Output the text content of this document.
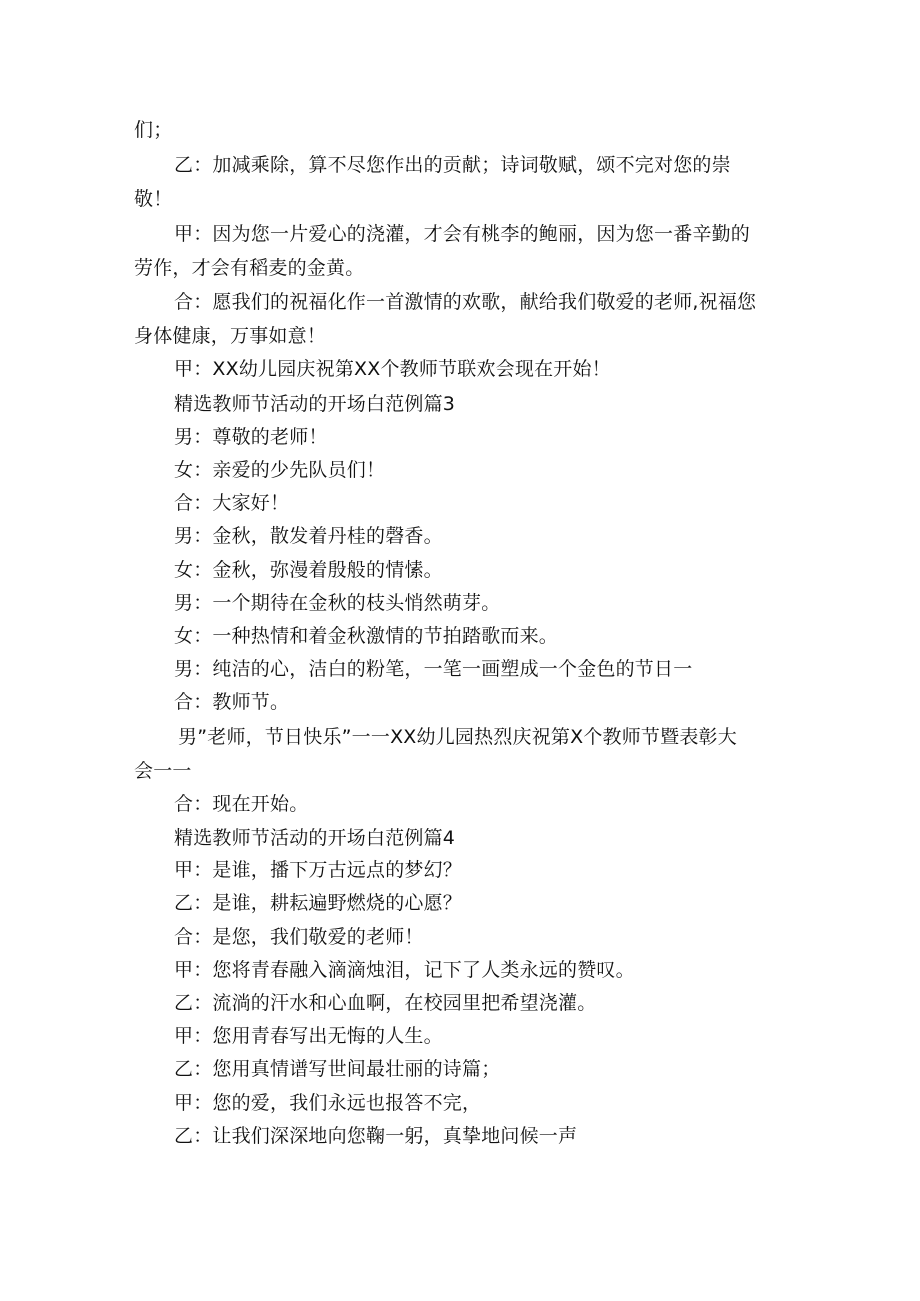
们；
乙：加减乘除，算不尽您作出的贡献；诗词敬赋，颂不完对您的崇
敬！
甲：因为您一片爱心的浇灌，才会有桃李的鲍丽，因为您一番辛勤的
劳作，才会有稻麦的金黄。
合：愿我们的祝福化作一首激情的欢歌，献给我们敬爱的老师,祝福您
身体健康，万事如意！
甲：XX幼儿园庆祝第XX个教师节联欢会现在开始！
精选教师节活动的开场白范例篇3
男：尊敬的老师！
女：亲爱的少先队员们！
合：大家好！
男：金秋，散发着丹桂的磬香。
女：金秋，弥漫着殷般的情愫。
男：一个期待在金秋的枝头悄然萌芽。
女：一种热情和着金秋激情的节拍踏歌而来。
男：纯洁的心，洁白的粉笔，一笔一画塑成一个金色的节日一
合：教师节。
男”老师，节日快乐”一一XX幼儿园热烈庆祝第X个教师节暨表彰大
会一一
合：现在开始。
精选教师节活动的开场白范例篇4
甲：是谁，播下万古远点的梦幻？
乙：是谁，耕耘遍野燃烧的心愿？
合：是您，我们敬爱的老师！
甲：您将青春融入滴滴烛泪，记下了人类永远的赞叹。
乙：流淌的汗水和心血啊，在校园里把希望浇灌。
甲：您用青春写出无悔的人生。
乙：您用真情谱写世间最壮丽的诗篇；
甲：您的爱，我们永远也报答不完，
乙：让我们深深地向您鞠一躬，真挚地问候一声
